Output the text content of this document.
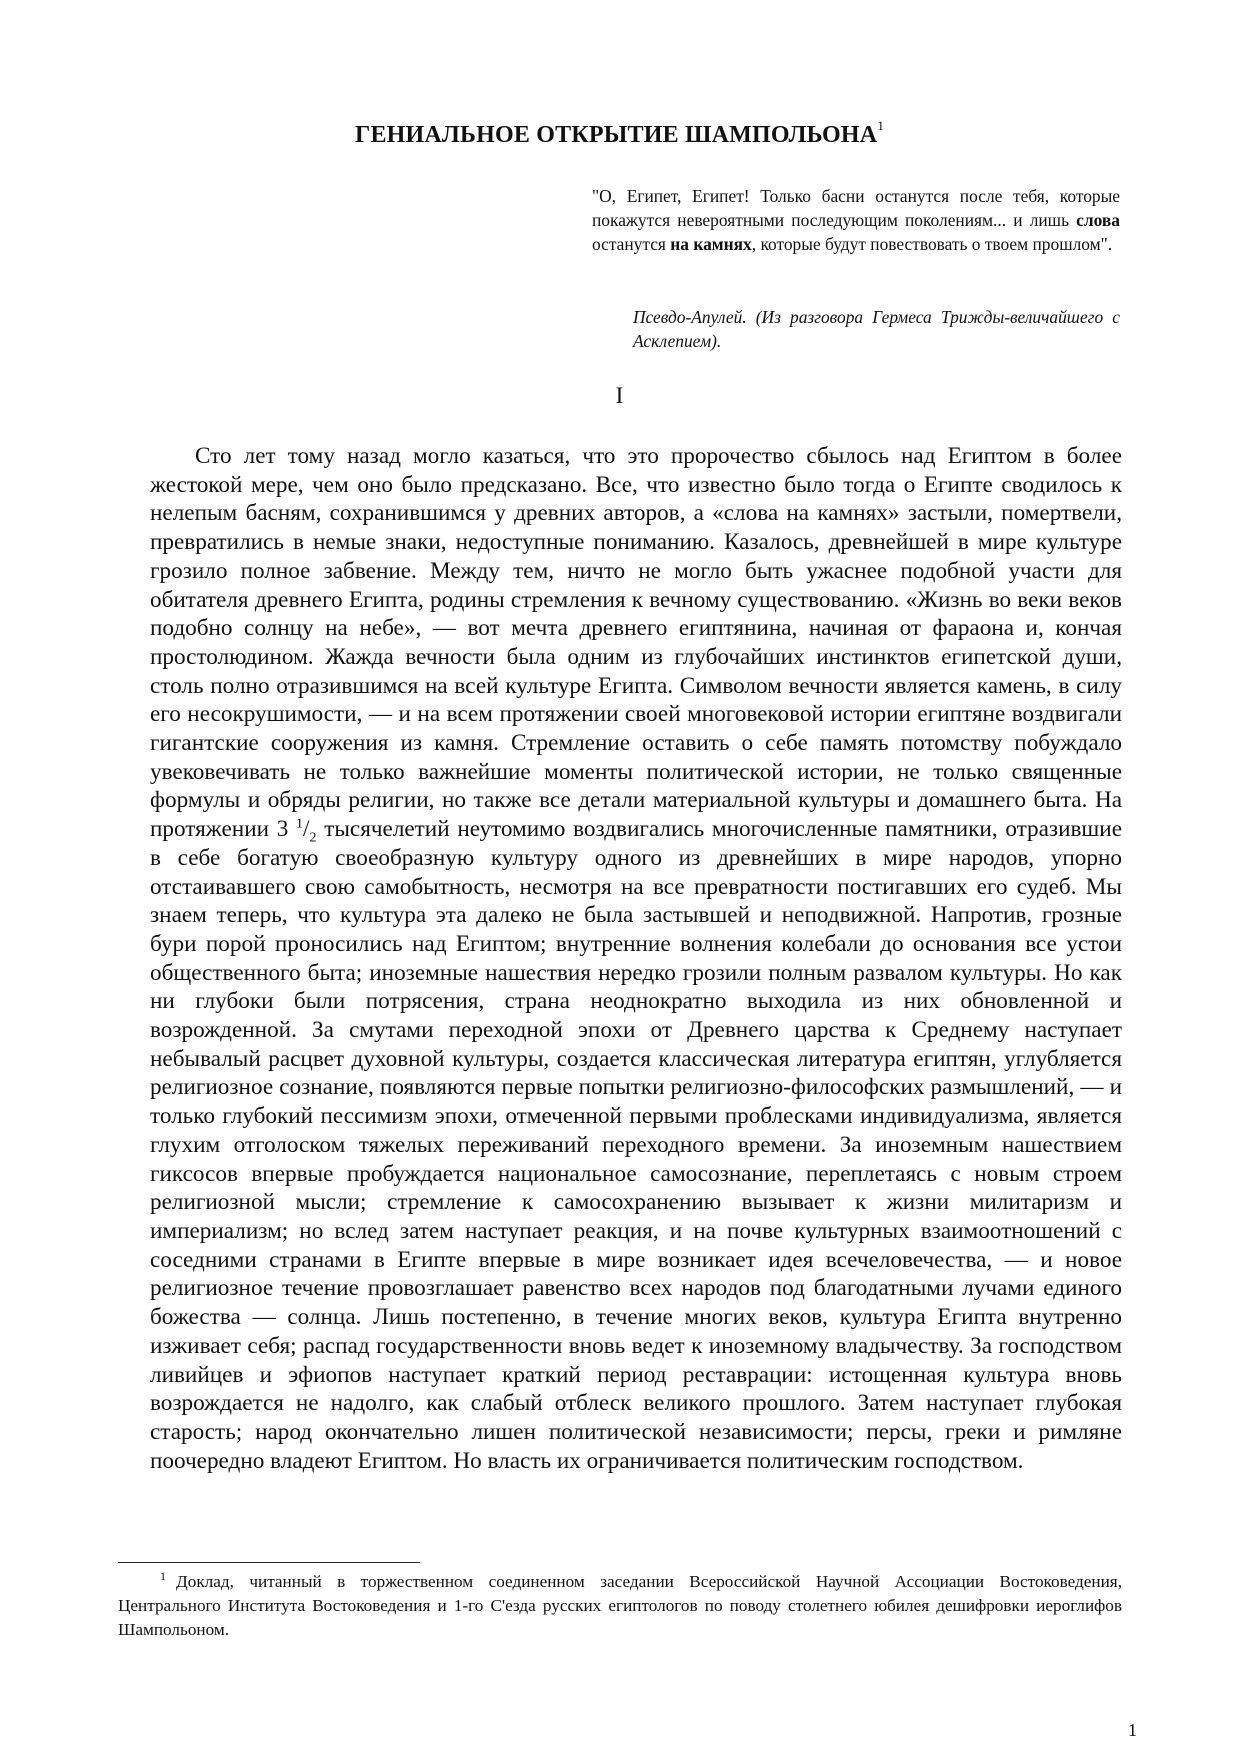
ГЕНИАЛЬНОЕ ОТКРЫТИЕ ШАМПОЛЬОНА$^1$
"О, Египет, Египет! Только басни останутся после тебя, которые покажутся невероятными последующим поколениям... и лишь слова останутся на камнях, которые будут повествовать о твоем прошлом".
Псевдо-Апулей. (Из разговора Гермеса Трижды-величайшего с Асклепием).
I

Сто лет тому назад могло казаться, что это пророчество сбылось над Египтом в более жестокой мере, чем оно было предсказано. Все, что известно было тогда о Египте сводилось к нелепым басням, сохранившимся у древних авторов, а «слова на камнях» застыли, помертвели, превратились в немые знаки, недоступные пониманию. Казалось, древнейшей в мире культуре грозило полное забвение. Между тем, ничто не могло быть ужаснее подобной участи для обитателя древнего Египта, родины стремления к вечному существованию. «Жизнь во веки веков подобно солнцу на небе», — вот мечта древнего египтянина, начиная от фараона и, кончая простолюдином. Жажда вечности была одним из глубочайших инстинктов египетской души, столь полно отразившимся на всей культуре Египта. Символом вечности является камень, в силу его несокрушимости, — и на всем протяжении своей многовековой истории египтяне воздвигали гигантские сооружения из камня. Стремление оставить о себе память потомству побуждало увековечивать не только важнейшие моменты политической истории, не только священные формулы и обряды религии, но также все детали материальной культуры и домашнего быта. На протяжении 3 $^1/_2$ тысячелетий неутомимо воздвигались многочисленные памятники, отразившие в себе богатую своеобразную культуру одного из древнейших в мире народов, упорно отстаивавшего свою самобытность, несмотря на все превратности постигавших его судеб. Мы знаем теперь, что культура эта далеко не была застывшей и неподвижной. Напротив, грозные бури порой проносились над Египтом; внутренние волнения колебали до основания все устои общественного быта; иноземные нашествия нередко грозили полным развалом культуры. Но как ни глубоки были потрясения, страна неоднократно выходила из них обновленной и возрожденной. За смутами переходной эпохи от Древнего царства к Среднему наступает небывалый расцвет духовной культуры, создается классическая литература египтян, углубляется религиозное сознание, появляются первые попытки религиозно-философских размышлений, — и только глубокий пессимизм эпохи, отмеченной первыми проблесками индивидуализма, является глухим отголоском тяжелых переживаний переходного времени. За иноземным нашествием гиксосов впервые пробуждается национальное самосознание, переплетаясь с новым строем религиозной мысли; стремление к самосохранению вызывает к жизни милитаризм и империализм; но вслед затем наступает реакция, и на почве культурных взаимоотношений с соседними странами в Египте впервые в мире возникает идея всечеловечества, — и новое религиозное течение провозглашает равенство всех народов под благодатными лучами единого божества — солнца. Лишь постепенно, в течение многих веков, культура Египта внутренно изживает себя; распад государственности вновь ведет к иноземному владычеству. За господством ливийцев и эфиопов наступает краткий период реставрации: истощенная культура вновь возрождается не надолго, как слабый отблеск великого прошлого. Затем наступает глубокая старость; народ окончательно лишен политической независимости; персы, греки и римляне поочередно владеют Египтом. Но власть их ограничивается политическим господством.

$^1$ Доклад, читанный в торжественном соединенном заседании Всероссийской Научной Ассоциации Востоковедения, Центрального Института Востоковедения и 1-го С'езда русских египтологов по поводу столетнего юбилея дешифровки иероглифов Шампольоном.

1
